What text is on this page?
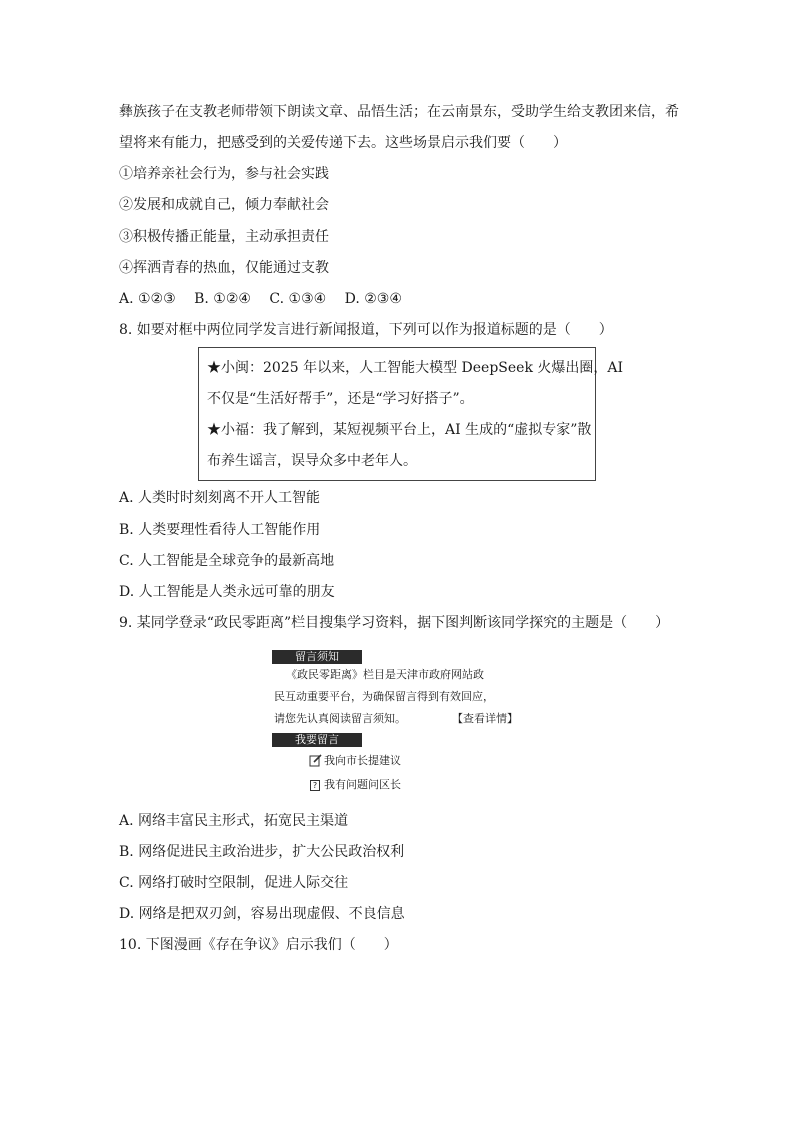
彝族孩子在支教老师带领下朗读文章、品悟生活；在云南景东，受助学生给支教团来信，希
望将来有能力，把感受到的关爱传递下去。这些场景启示我们要（　　）
①培养亲社会行为，参与社会实践
②发展和成就自己，倾力奉献社会
③积极传播正能量，主动承担责任
④挥洒青春的热血，仅能通过支教
A. ①②③　 B. ①②④　 C. ①③④　 D. ②③④
8. 如要对框中两位同学发言进行新闻报道，下列可以作为报道标题的是（　　）
★小闽：2025 年以来，人工智能大模型 DeepSeek 火爆出圈，AI
不仅是“生活好帮手”，还是“学习好搭子”。
★小福：我了解到，某短视频平台上，AI 生成的“虚拟专家”散
布养生谣言，误导众多中老年人。
A. 人类时时刻刻离不开人工智能
B. 人类要理性看待人工智能作用
C. 人工智能是全球竞争的最新高地
D. 人工智能是人类永远可靠的朋友
9. 某同学登录“政民零距离”栏目搜集学习资料，据下图判断该同学探究的主题是（　　）
留言须知
《政民零距离》栏目是天津市政府网站政
民互动重要平台，为确保留言得到有效回应，
请您先认真阅读留言须知。	【查看详情】
我要留言
我向市长提建议
? 我有问题问区长
A. 网络丰富民主形式，拓宽民主渠道
B. 网络促进民主政治进步，扩大公民政治权利
C. 网络打破时空限制，促进人际交往
D. 网络是把双刃剑，容易出现虚假、不良信息
10. 下图漫画《存在争议》启示我们（　　）
